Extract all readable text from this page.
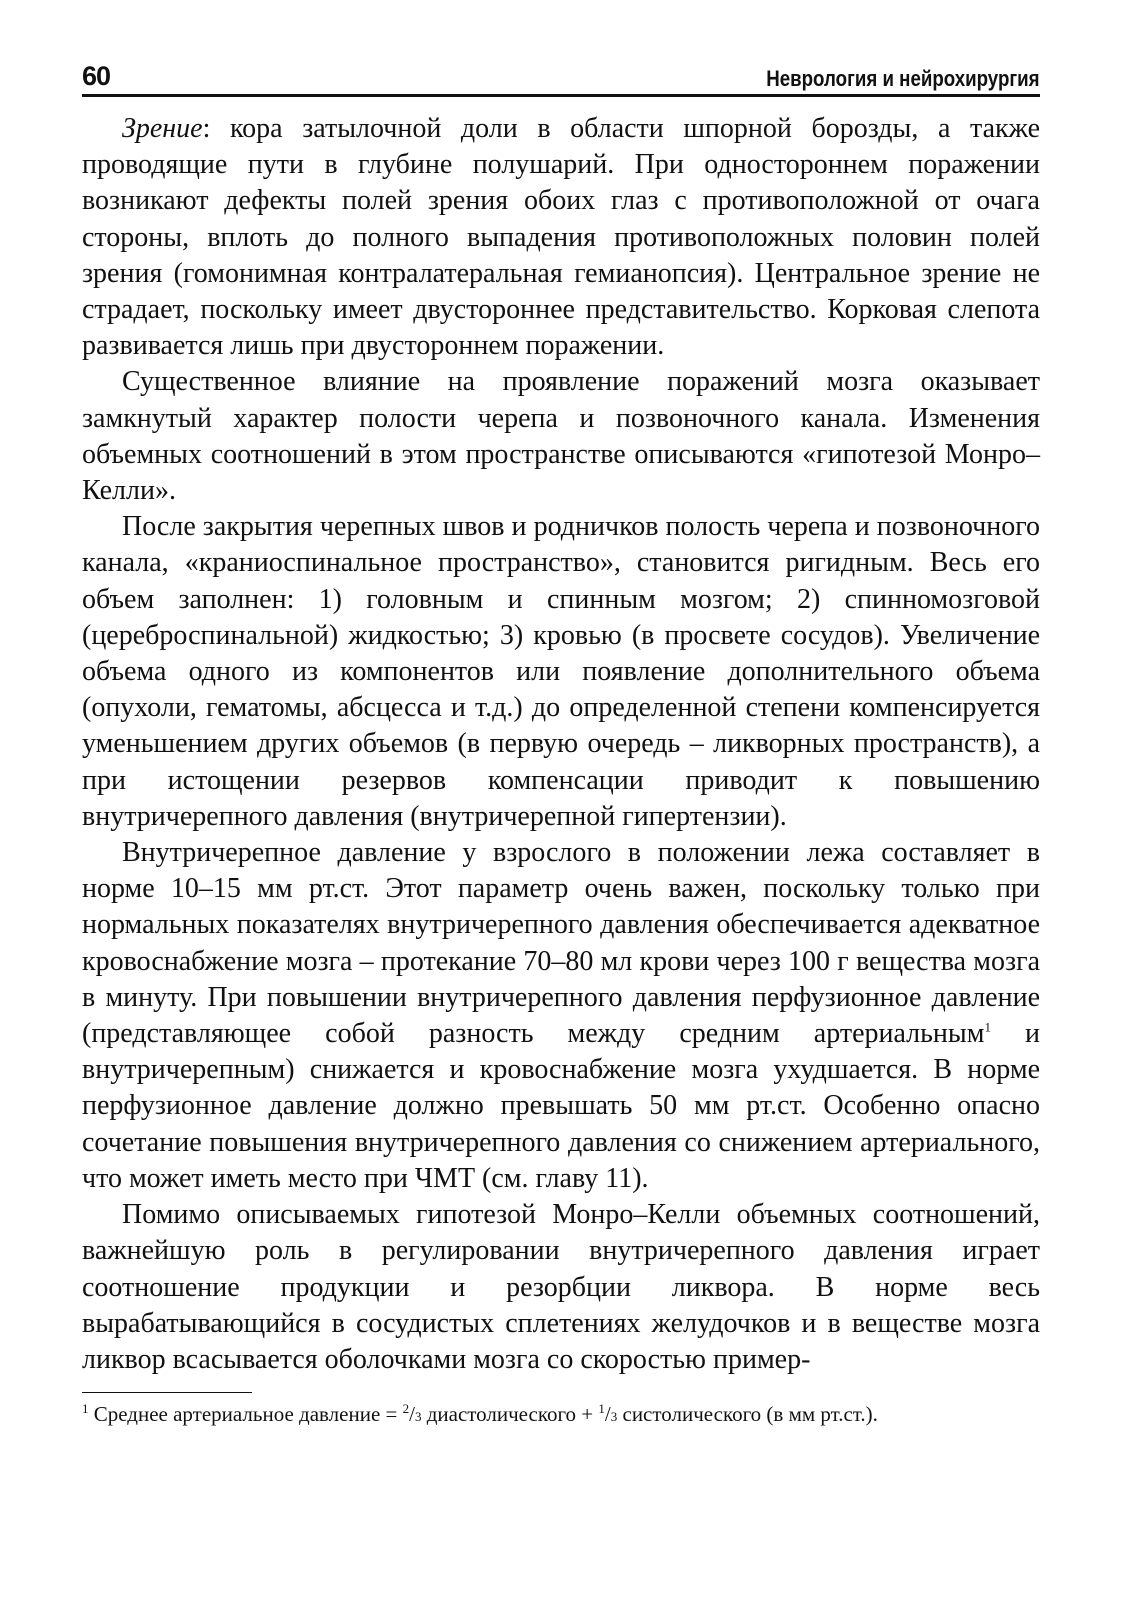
60	Неврология и нейрохирургия

Зрение: кора затылочной доли в области шпорной борозды, а также проводящие пути в глубине полушарий. При одностороннем поражении возникают дефекты полей зрения обоих глаз с противоположной от очага стороны, вплоть до полного выпадения противоположных половин полей зрения (гомонимная контралатеральная гемианопсия). Центральное зрение не страдает, поскольку имеет двустороннее представительство. Корковая слепота развивается лишь при двустороннем поражении.

Существенное влияние на проявление поражений мозга оказывает замкнутый характер полости черепа и позвоночного канала. Изменения объемных соотношений в этом пространстве описываются «гипотезой Монро–Келли».

После закрытия черепных швов и родничков полость черепа и позвоночного канала, «краниоспинальное пространство», становится ригидным. Весь его объем заполнен: 1) головным и спинным мозгом; 2) спинномозговой (цереброспинальной) жидкостью; 3) кровью (в просвете сосудов). Увеличение объема одного из компонентов или появление дополнительного объема (опухоли, гематомы, абсцесса и т.д.) до определенной степени компенсируется уменьшением других объемов (в первую очередь – ликворных пространств), а при истощении резервов компенсации приводит к повышению внутричерепного давления (внутричерепной гипертензии).

Внутричерепное давление у взрослого в положении лежа составляет в норме 10–15 мм рт.ст. Этот параметр очень важен, поскольку только при нормальных показателях внутричерепного давления обеспечивается адекватное кровоснабжение мозга – протекание 70–80 мл крови через 100 г вещества мозга в минуту. При повышении внутричерепного давления перфузионное давление (представляющее собой разность между средним артериальным$^1$ и внутричерепным) снижается и кровоснабжение мозга ухудшается. В норме перфузионное давление должно превышать 50 мм рт.ст. Особенно опасно сочетание повышения внутричерепного давления со снижением артериального, что может иметь место при ЧМТ (см. главу 11).

Помимо описываемых гипотезой Монро–Келли объемных соотношений, важнейшую роль в регулировании внутричерепного давления играет соотношение продукции и резорбции ликвора. В норме весь вырабатывающийся в сосудистых сплетениях желудочков и в веществе мозга ликвор всасывается оболочками мозга со скоростью пример-

$^1$ Среднее артериальное давление = $^2$/3 диастолического + $^1$/3 систолического (в мм рт.ст.).
